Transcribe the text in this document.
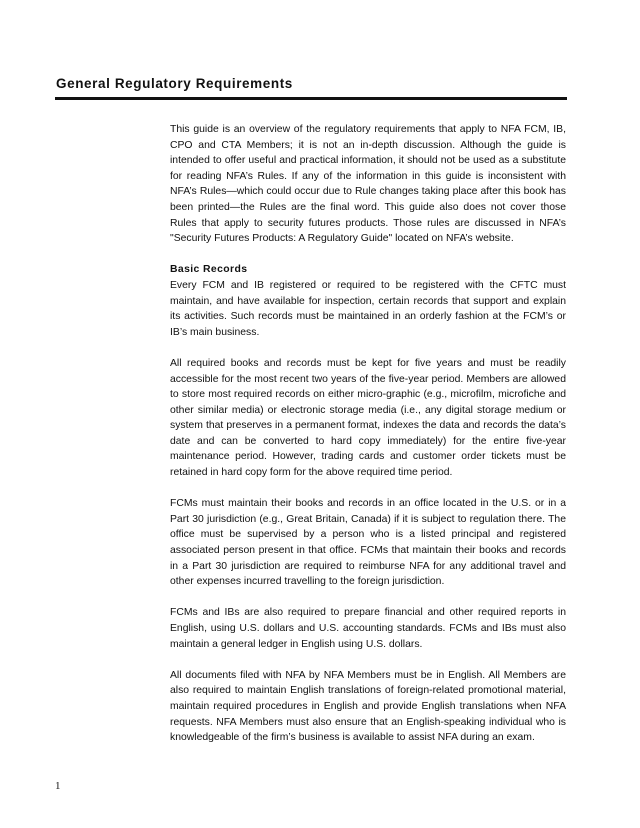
General Regulatory Requirements

This guide is an overview of the regulatory requirements that apply to NFA FCM, IB, CPO and CTA Members; it is not an in-depth discussion. Although the guide is intended to offer useful and practical information, it should not be used as a substitute for reading NFA’s Rules. If any of the information in this guide is inconsistent with NFA’s Rules—which could occur due to Rule changes taking place after this book has been printed—the Rules are the final word. This guide also does not cover those Rules that apply to security futures products. Those rules are discussed in NFA’s "Security Futures Products: A Regulatory Guide" located on NFA’s website.

Basic Records

Every FCM and IB registered or required to be registered with the CFTC must maintain, and have available for inspection, certain records that support and explain its activities. Such records must be maintained in an orderly fashion at the FCM’s or IB’s main business.

All required books and records must be kept for five years and must be readily accessible for the most recent two years of the five-year period. Members are allowed to store most required records on either micro-graphic (e.g., microfilm, microfiche and other similar media) or electronic storage media (i.e., any digital storage medium or system that preserves in a permanent format, indexes the data and records the data’s date and can be converted to hard copy immediately) for the entire five-year maintenance period. However, trading cards and customer order tickets must be retained in hard copy form for the above required time period.

FCMs must maintain their books and records in an office located in the U.S. or in a Part 30 jurisdiction (e.g., Great Britain, Canada) if it is subject to regulation there. The office must be supervised by a person who is a listed principal and registered associated person present in that office. FCMs that maintain their books and records in a Part 30 jurisdiction are required to reimburse NFA for any additional travel and other expenses incurred travelling to the foreign jurisdiction.

FCMs and IBs are also required to prepare financial and other required reports in English, using U.S. dollars and U.S. accounting standards. FCMs and IBs must also maintain a general ledger in English using U.S. dollars.

All documents filed with NFA by NFA Members must be in English. All Members are also required to maintain English translations of foreign-related promotional material, maintain required procedures in English and provide English translations when NFA requests. NFA Members must also ensure that an English-speaking individual who is knowledgeable of the firm’s business is available to assist NFA during an exam.

1
